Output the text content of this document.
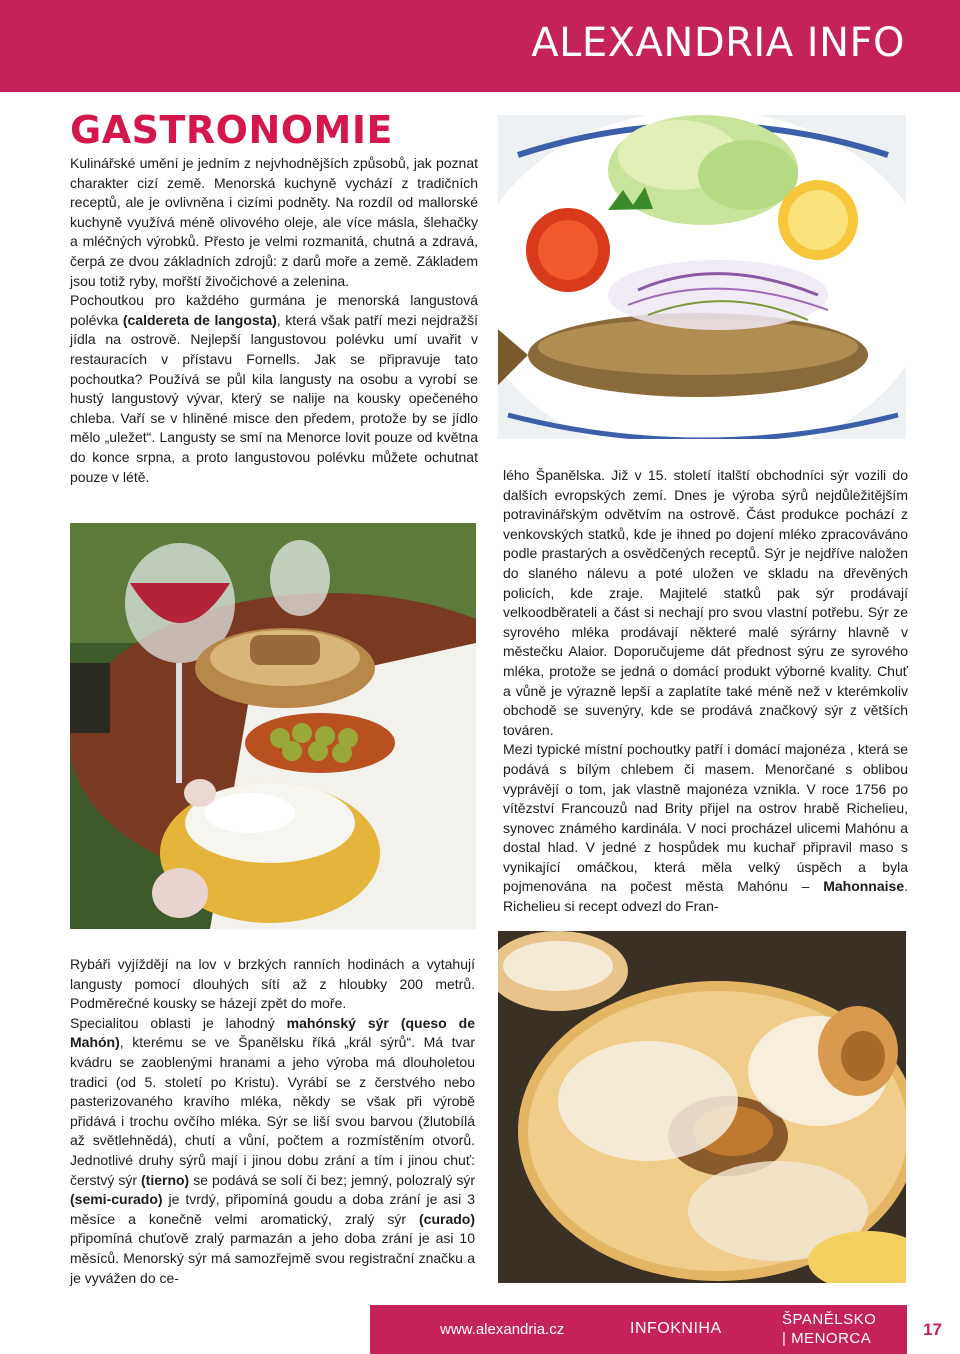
ALEXANDRIA INFO
GASTRONOMIE

Kulinářské umění je jedním z nejvhodnějších způsobů, jak poznat charakter cizí země. Menorská kuchyně vychází z tradičních receptů, ale je ovlivněna i cizími podněty. Na rozdíl od mallorské kuchyně využívá méně olivového oleje, ale více másla, šlehačky a mléčných výrobků. Přesto je velmi rozmanitá, chutná a zdravá, čerpá ze dvou základních zdrojů: z darů moře a země. Základem jsou totiž ryby, mořští živočichové a zelenina.

Pochoutkou pro každého gurmána je menorská langustová polévka (caldereta de langosta), která však patří mezi nejdražší jídla na ostrově. Nejlepší langustovou polévku umí uvařit v restauracích v přístavu Fornells. Jak se připravuje tato pochoutka? Používá se půl kila langusty na osobu a vyrobí se hustý langustový vývar, který se nalije na kousky opečeného chleba. Vaří se v hliněné misce den předem, protože by se jídlo mělo „uležet“. Langusty se smí na Menorce lovit pouze od května do konce srpna, a proto langustovou polévku můžete ochutnat pouze v létě.	lého Španělska. Již v 15. století italští obchodníci sýr vozili do dalších evropských zemí. Dnes je výroba sýrů nejdůležitějším potravinářským odvětvím na ostrově. Část produkce pochází z venkovských statků, kde je ihned po dojení mléko zpracováváno podle prastarých a osvědčených receptů. Sýr je nejdříve naložen do slaného nálevu a poté uložen ve skladu na dřevěných policích, kde zraje. Majitelé statků pak sýr prodávají velkoodběrateli a část si nechají pro svou vlastní potřebu. Sýr ze syrového mléka prodávají některé malé sýrárny hlavně v městečku Alaior. Doporučujeme dát přednost sýru ze syrového mléka, protože se jedná o domácí produkt výborné kvality. Chuť a vůně je výrazně lepší a zaplatíte také méně než v kterémkoliv obchodě se suvenýry, kde se prodává značkový sýr z větších továren.

Mezi typické místní pochoutky patří i domácí majonéza , která se podává s bílým chlebem či masem. Menorčané s oblibou vyprávějí o tom, jak vlastně majonéza vznikla. V roce 1756 po vítězství Francouzů nad Brity přijel na ostrov hrabě Richelieu, synovec známého kardinála. V noci procházel ulicemi Mahónu a dostal hlad. V jedné z hospůdek mu kuchař připravil maso s vynikající omáčkou, která měla velký úspěch a byla pojmenována na počest města Mahónu – Mahonnaise. Richelieu si recept odvezl do Fran-

Rybáři vyjíždějí na lov v brzkých ranních hodinách a vytahují langusty pomocí dlouhých sítí až z hloubky 200 metrů. Podměrečné kousky se házejí zpět do moře.

Specialitou oblasti je lahodný mahónský sýr (queso de Mahón), kterému se ve Španělsku říká „král sýrů“. Má tvar kvádru se zaoblenými hranami a jeho výroba má dlouholetou tradici (od 5. století po Kristu). Vyrábí se z čerstvého nebo pasterizovaného kravího mléka, někdy se však při výrobě přidává i trochu ovčího mléka. Sýr se liší svou barvou (žlutobílá až světlehnědá), chutí a vůní, počtem a rozmístěním otvorů. Jednotlivé druhy sýrů mají i jinou dobu zrání a tím i jinou chuť: čerstvý sýr (tierno) se podává se solí či bez; jemný, polozralý sýr (semi-curado) je tvrdý, připomíná goudu a doba zrání je asi 3 měsíce a konečně velmi aromatický, zralý sýr (curado) připomíná chuťově zralý parmazán a jeho doba zrání je asi 10 měsíců. Menorský sýr má samozřejmě svou registrační značku a je vyvážen do ce-

www.alexandria.cz	INFOKNIHA
ŠPANĚLSKO
| MENORCA	17
